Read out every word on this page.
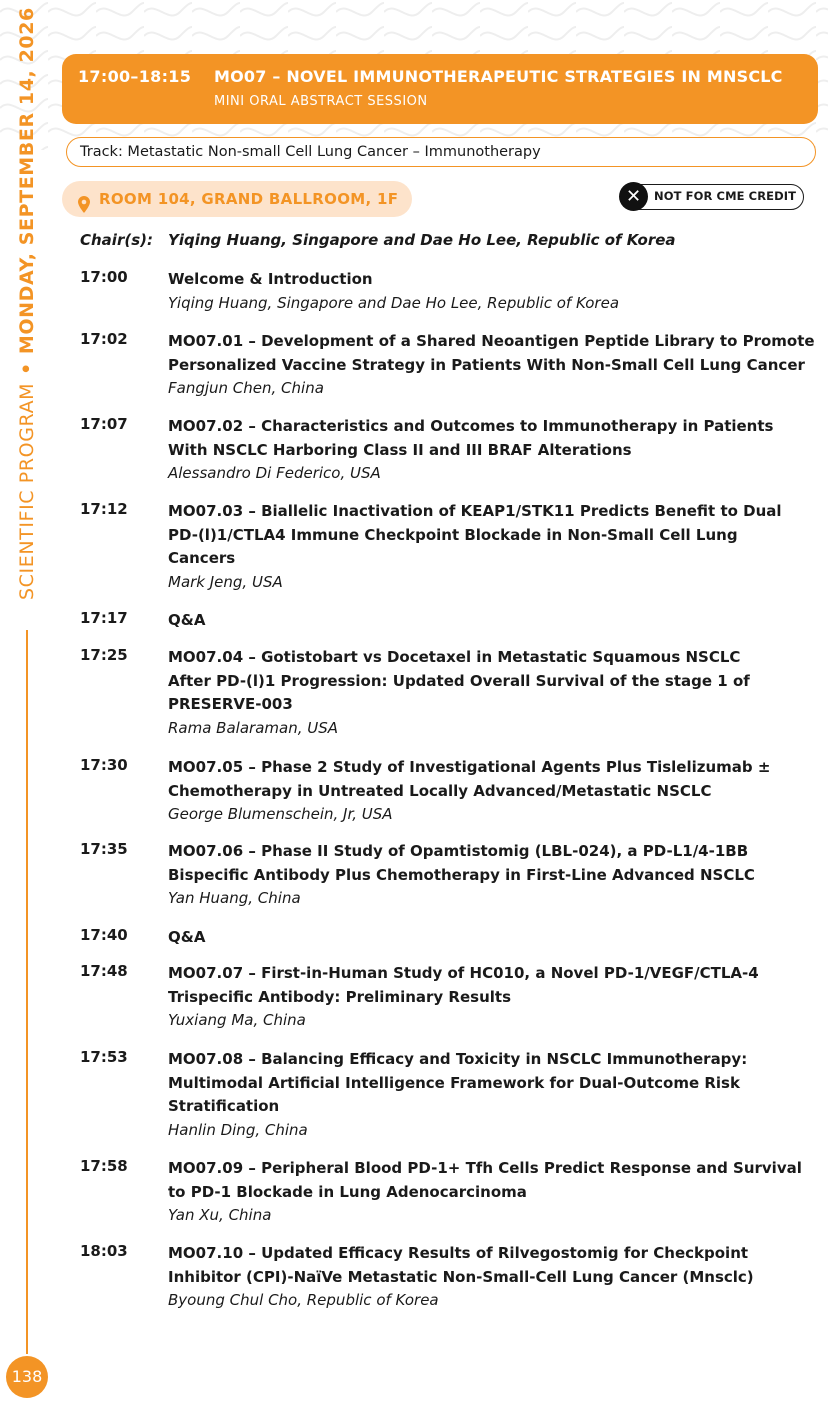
SCIENTIFIC PROGRAM•MONDAY, SEPTEMBER 14, 2026
138
17:00–18:15 MO07 – NOVEL IMMUNOTHERAPEUTIC STRATEGIES IN MNSCLC
MINI ORAL ABSTRACT SESSION
Track: Metastatic Non-small Cell Lung Cancer – Immunotherapy
ROOM 104, GRAND BALLROOM, 1F	✕	NOT FOR CME CREDIT
Chair(s): Yiqing Huang, Singapore and Dae Ho Lee, Republic of Korea
17:00	Welcome & Introduction

Yiqing Huang, Singapore and Dae Ho Lee, Republic of Korea

17:02	MO07.01 – Development of a Shared Neoantigen Peptide Library to Promote

Personalized Vaccine Strategy in Patients With Non-Small Cell Lung Cancer

Fangjun Chen, China

17:07	MO07.02 – Characteristics and Outcomes to Immunotherapy in Patients

With NSCLC Harboring Class II and III BRAF Alterations

Alessandro Di Federico, USA

17:12	MO07.03 – Biallelic Inactivation of KEAP1/STK11 Predicts Benefit to Dual

PD-(l)1/CTLA4 Immune Checkpoint Blockade in Non-Small Cell Lung

Cancers

Mark Jeng, USA

17:17	Q&A

17:25	MO07.04 – Gotistobart vs Docetaxel in Metastatic Squamous NSCLC

After PD-(l)1 Progression: Updated Overall Survival of the stage 1 of

PRESERVE-003

Rama Balaraman, USA

17:30	MO07.05 – Phase 2 Study of Investigational Agents Plus Tislelizumab ±

Chemotherapy in Untreated Locally Advanced/Metastatic NSCLC

George Blumenschein, Jr, USA

17:35	MO07.06 – Phase II Study of Opamtistomig (LBL-024), a PD-L1/4-1BB

Bispecific Antibody Plus Chemotherapy in First-Line Advanced NSCLC

Yan Huang, China

17:40	Q&A

17:48	MO07.07 – First-in-Human Study of HC010, a Novel PD-1/VEGF/CTLA-4

Trispecific Antibody: Preliminary Results

Yuxiang Ma, China

17:53	MO07.08 – Balancing Efficacy and Toxicity in NSCLC Immunotherapy:

Multimodal Artificial Intelligence Framework for Dual-Outcome Risk

Stratification

Hanlin Ding, China

17:58	MO07.09 – Peripheral Blood PD-1+ Tfh Cells Predict Response and Survival

to PD-1 Blockade in Lung Adenocarcinoma

Yan Xu, China

18:03	MO07.10 – Updated Efficacy Results of Rilvegostomig for Checkpoint

Inhibitor (CPI)-NaïVe Metastatic Non-Small-Cell Lung Cancer (Mnsclc)

Byoung Chul Cho, Republic of Korea
